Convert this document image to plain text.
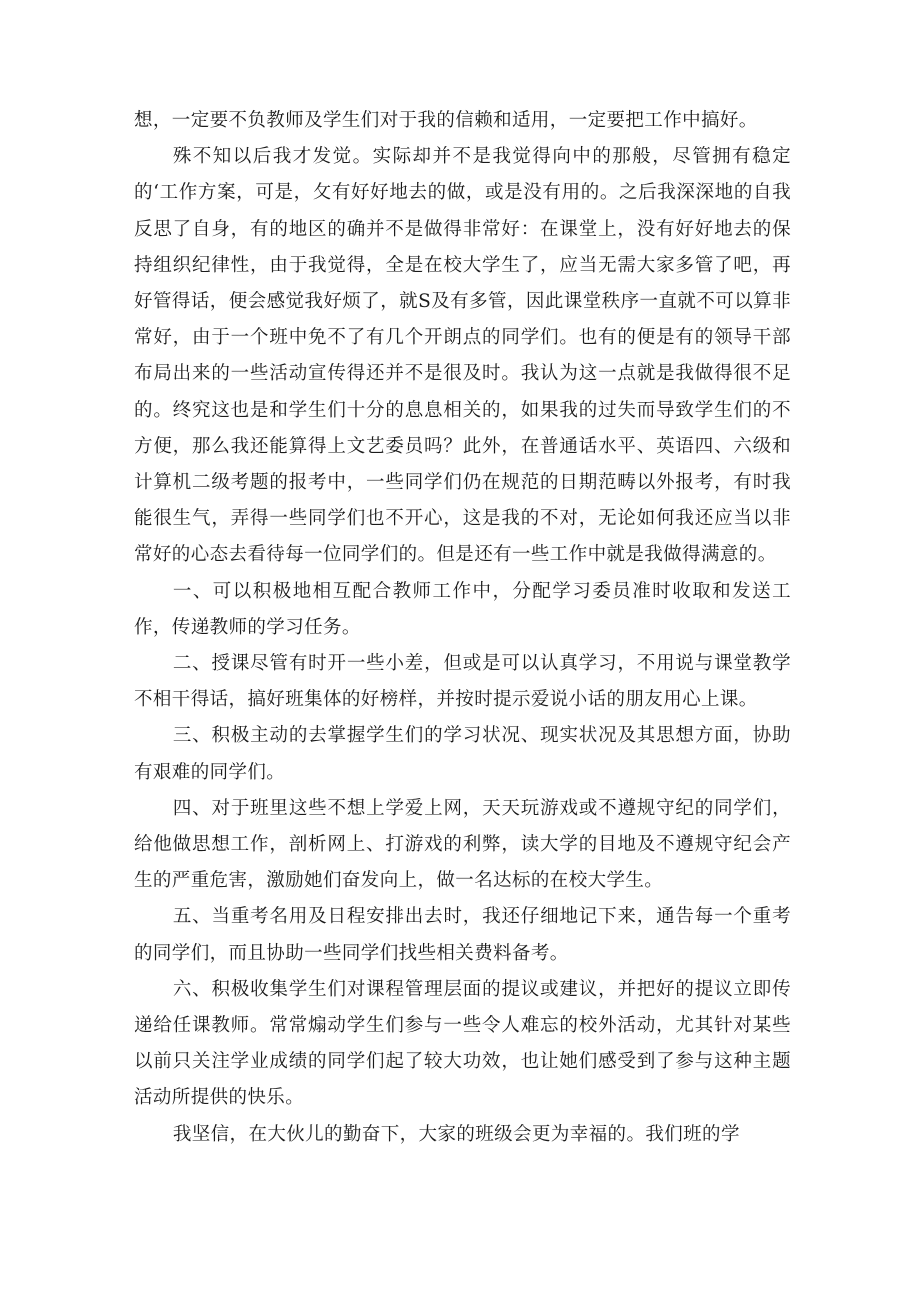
想，一定要不负教师及学生们对于我的信赖和适用，一定要把工作中搞好。

殊不知以后我才发觉。实际却并不是我觉得向中的那般，尽管拥有稳定的‘工作方案，可是，攵有好好地去的做，或是没有用的。之后我深深地的自我反思了自身，有的地区的确并不是做得非常好：在课堂上，没有好好地去的保持组织纪律性，由于我觉得，全是在校大学生了，应当无需大家多管了吧，再好管得话，便会感觉我好烦了，就S及有多管，因此课堂秩序一直就不可以算非常好，由于一个班中免不了有几个开朗点的同学们。也有的便是有的领导干部布局出来的一些活动宣传得还并不是很及时。我认为这一点就是我做得很不足的。终究这也是和学生们十分的息息相关的，如果我的过失而导致学生们的不方便，那么我还能算得上文艺委员吗？此外，在普通话水平、英语四、六级和计算机二级考题的报考中，一些同学们仍在规范的日期范畴以外报考，有时我能很生气，弄得一些同学们也不开心，这是我的不对，无论如何我还应当以非常好的心态去看待每一位同学们的。但是还有一些工作中就是我做得满意的。

一、可以积极地相互配合教师工作中，分配学习委员准时收取和发送工作，传递教师的学习任务。

二、授课尽管有时开一些小差，但或是可以认真学习，不用说与课堂教学不相干得话，搞好班集体的好榜样，并按时提示爱说小话的朋友用心上课。

三、积极主动的去掌握学生们的学习状况、现实状况及其思想方面，协助有艰难的同学们。

四、对于班里这些不想上学爱上网，天天玩游戏或不遵规守纪的同学们，给他做思想工作，剖析网上、打游戏的利弊，读大学的目地及不遵规守纪会产生的严重危害，激励她们奋发向上，做一名达标的在校大学生。

五、当重考名用及日程安排出去时，我还仔细地记下来，通告每一个重考的同学们，而且协助一些同学们找些相关费料备考。

六、积极收集学生们对课程管理层面的提议或建议，并把好的提议立即传递给任课教师。常常煽动学生们参与一些令人难忘的校外活动，尤其针对某些以前只关注学业成绩的同学们起了较大功效，也让她们感受到了参与这种主题活动所提供的快乐。

我坚信，在大伙儿的勤奋下，大家的班级会更为幸福的。我们班的学
